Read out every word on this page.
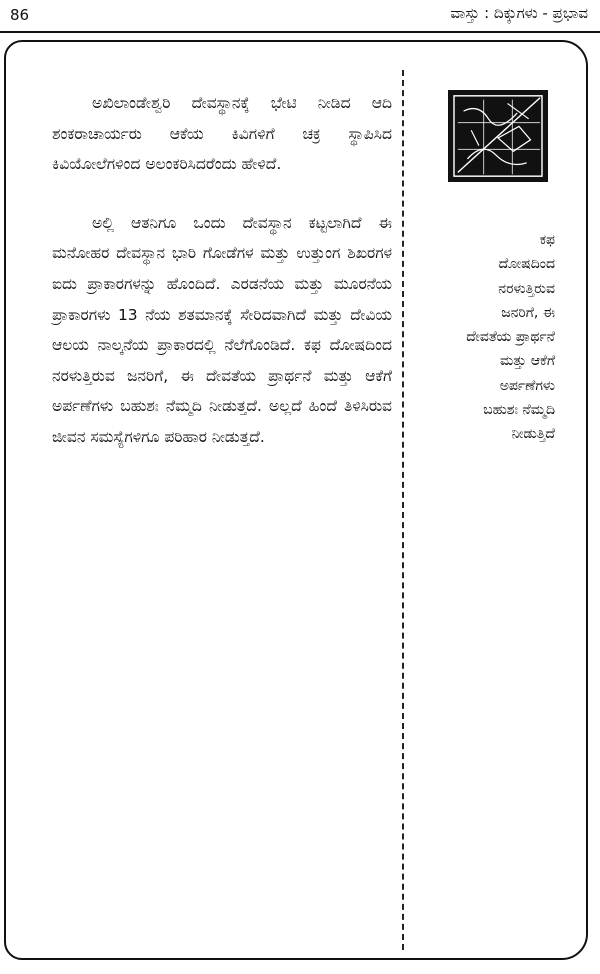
86	ವಾಸ್ತು : ದಿಕ್ಕುಗಳು - ಪ್ರಭಾವ

ಅಖಿಲಾಂಡೇಶ್ವರಿ ದೇವಸ್ಥಾನಕ್ಕೆ ಭೇಟಿ ನೀಡಿದ ಆದಿ ಶಂಕರಾಚಾರ್ಯರು ಆಕೆಯ ಕಿವಿಗಳಿಗೆ ಚಕ್ರ ಸ್ಥಾಪಿಸಿದ ಕಿವಿಯೋಲೆಗಳಿಂದ ಅಲಂಕರಿಸಿದರೆಂದು ಹೇಳಿದೆ.

ಅಲ್ಲಿ ಆತನಿಗೂ ಒಂದು ದೇವಸ್ಥಾನ ಕಟ್ಟಲಾಗಿದೆ ಈ ಮನೋಹರ ದೇವಸ್ಥಾನ ಭಾರಿ ಗೋಡೆಗಳ ಮತ್ತು ಉತ್ತುಂಗ ಶಿಖರಗಳ ಐದು ಪ್ರಾಕಾರಗಳನ್ನು ಹೊಂದಿದೆ. ಎರಡನೆಯ ಮತ್ತು ಮೂರನೆಯ ಪ್ರಾಕಾರಗಳು 13 ನೆಯ ಶತಮಾನಕ್ಕೆ ಸೇರಿದವಾಗಿದೆ ಮತ್ತು ದೇವಿಯ ಆಲಯ ನಾಲ್ಕನೆಯ ಪ್ರಾಕಾರದಲ್ಲಿ ನೆಲೆಗೊಂಡಿದೆ. ಕಫ ದೋಷದಿಂದ ನರಳುತ್ತಿರುವ ಜನರಿಗೆ, ಈ ದೇವತೆಯ ಪ್ರಾರ್ಥನೆ ಮತ್ತು ಆಕೆಗೆ ಅರ್ಪಣೆಗಳು ಬಹುಶಃ ನೆಮ್ಮದಿ ನೀಡುತ್ತದೆ. ಅಲ್ಲದೆ ಹಿಂದೆ ತಿಳಿಸಿರುವ ಜೀವನ ಸಮಸ್ಯೆಗಳಿಗೂ ಪರಿಹಾರ ನೀಡುತ್ತದೆ.

ಕಫ
ದೋಷದಿಂದ
ನರಳುತ್ತಿರುವ
ಜನರಿಗೆ, ಈ
ದೇವತೆಯ ಪ್ರಾರ್ಥನೆ
ಮತ್ತು ಆಕೆಗೆ
ಅರ್ಪಣೆಗಳು
ಬಹುಶಃ ನೆಮ್ಮದಿ
ನೀಡುತ್ತಿದೆ
